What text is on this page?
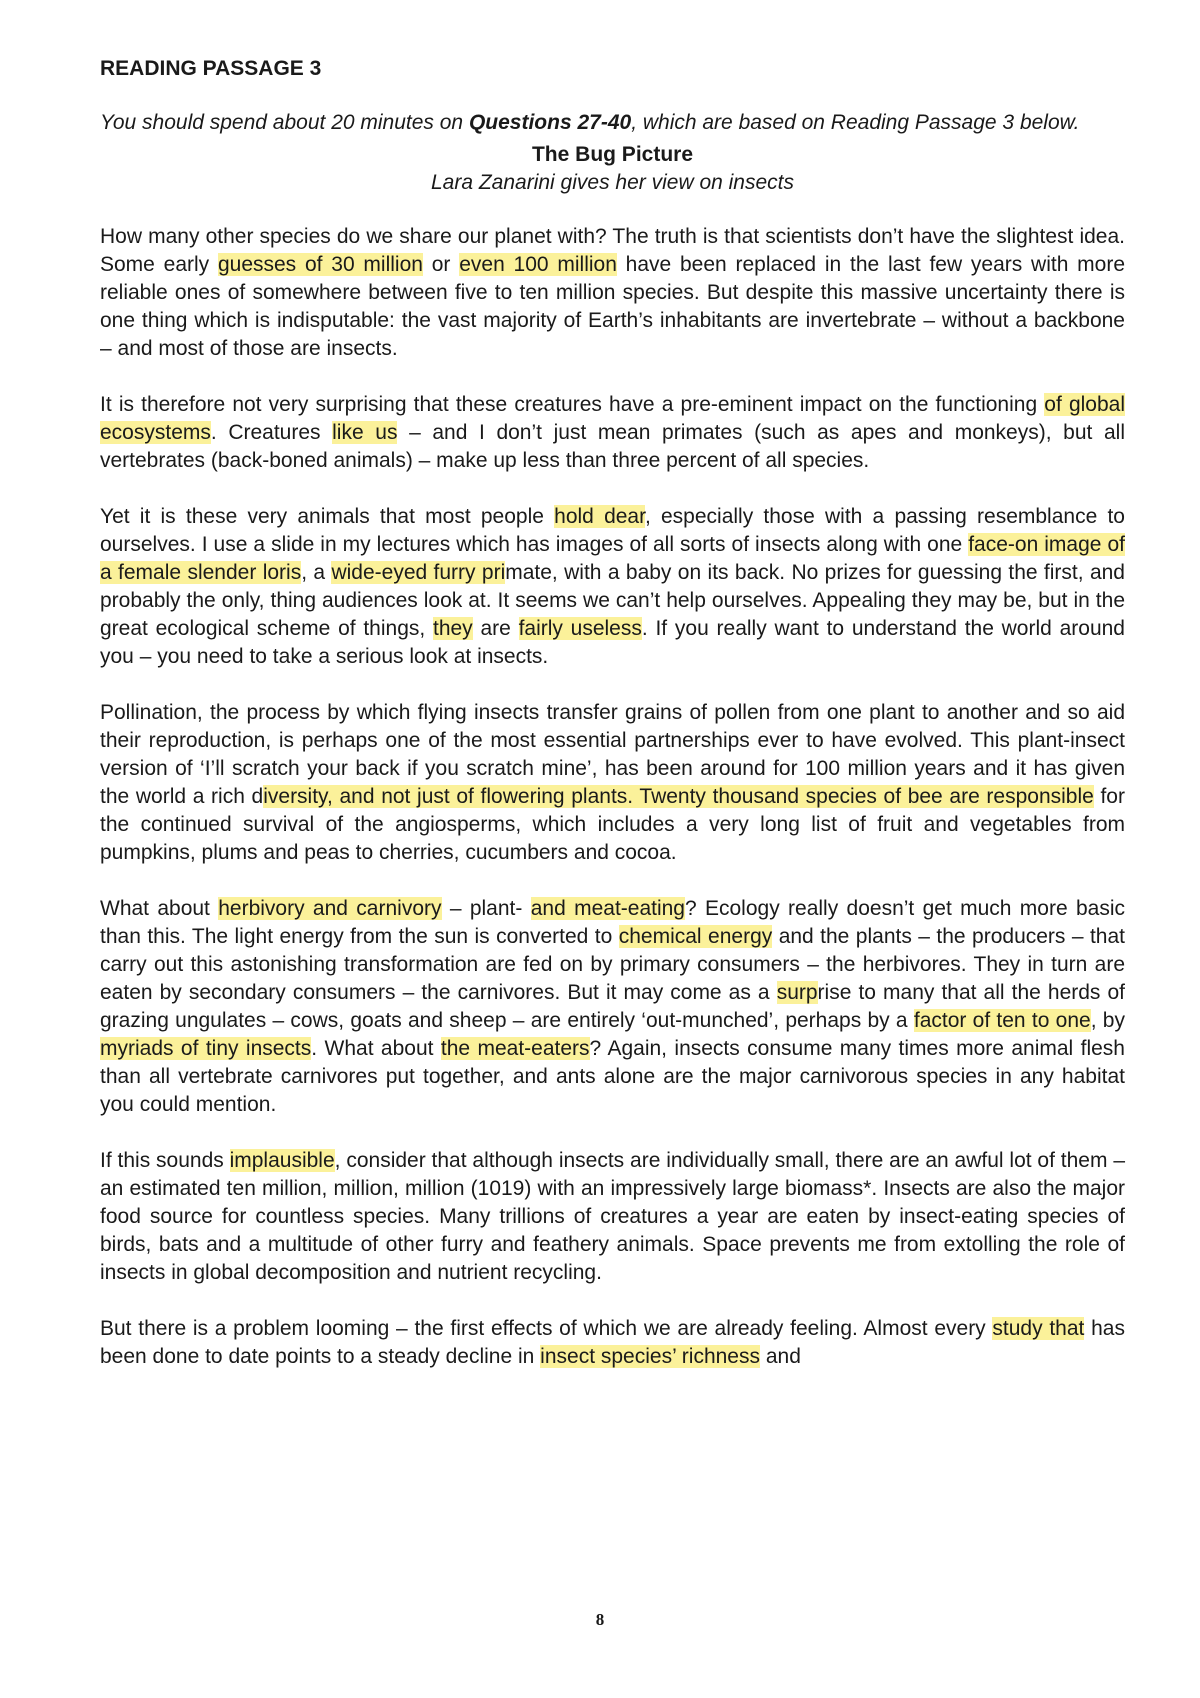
READING PASSAGE 3

You should spend about 20 minutes on Questions 27-40, which are based on Reading Passage 3 below.

The Bug Picture
Lara Zanarini gives her view on insects

How many other species do we share our planet with? The truth is that scientists don’t have the slightest idea. Some early guesses of 30 million or even 100 million have been replaced in the last few years with more reliable ones of somewhere between five to ten million species. But despite this massive uncertainty there is one thing which is indisputable: the vast majority of Earth’s inhabitants are invertebrate – without a backbone – and most of those are insects.

It is therefore not very surprising that these creatures have a pre-eminent impact on the functioning of global ecosystems. Creatures like us – and I don’t just mean primates (such as apes and monkeys), but all vertebrates (back-boned animals) – make up less than three percent of all species.

Yet it is these very animals that most people hold dear, especially those with a passing resemblance to ourselves. I use a slide in my lectures which has images of all sorts of insects along with one face-on image of a female slender loris, a wide-eyed furry primate, with a baby on its back. No prizes for guessing the first, and probably the only, thing audiences look at. It seems we can’t help ourselves. Appealing they may be, but in the great ecological scheme of things, they are fairly useless. If you really want to understand the world around you – you need to take a serious look at insects.

Pollination, the process by which flying insects transfer grains of pollen from one plant to another and so aid their reproduction, is perhaps one of the most essential partnerships ever to have evolved. This plant-insect version of ‘I’ll scratch your back if you scratch mine’, has been around for 100 million years and it has given the world a rich diversity, and not just of flowering plants. Twenty thousand species of bee are responsible for the continued survival of the angiosperms, which includes a very long list of fruit and vegetables from pumpkins, plums and peas to cherries, cucumbers and cocoa.

What about herbivory and carnivory – plant- and meat-eating? Ecology really doesn’t get much more basic than this. The light energy from the sun is converted to chemical energy and the plants – the producers – that carry out this astonishing transformation are fed on by primary consumers – the herbivores. They in turn are eaten by secondary consumers – the carnivores. But it may come as a surprise to many that all the herds of grazing ungulates – cows, goats and sheep – are entirely ‘out-munched’, perhaps by a factor of ten to one, by myriads of tiny insects. What about the meat-eaters? Again, insects consume many times more animal flesh than all vertebrate carnivores put together, and ants alone are the major carnivorous species in any habitat you could mention.

If this sounds implausible, consider that although insects are individually small, there are an awful lot of them – an estimated ten million, million, million (1019) with an impressively large biomass*. Insects are also the major food source for countless species. Many trillions of creatures a year are eaten by insect-eating species of birds, bats and a multitude of other furry and feathery animals. Space prevents me from extolling the role of insects in global decomposition and nutrient recycling.

But there is a problem looming – the first effects of which we are already feeling. Almost every study that has been done to date points to a steady decline in insect species’ richness and

8
